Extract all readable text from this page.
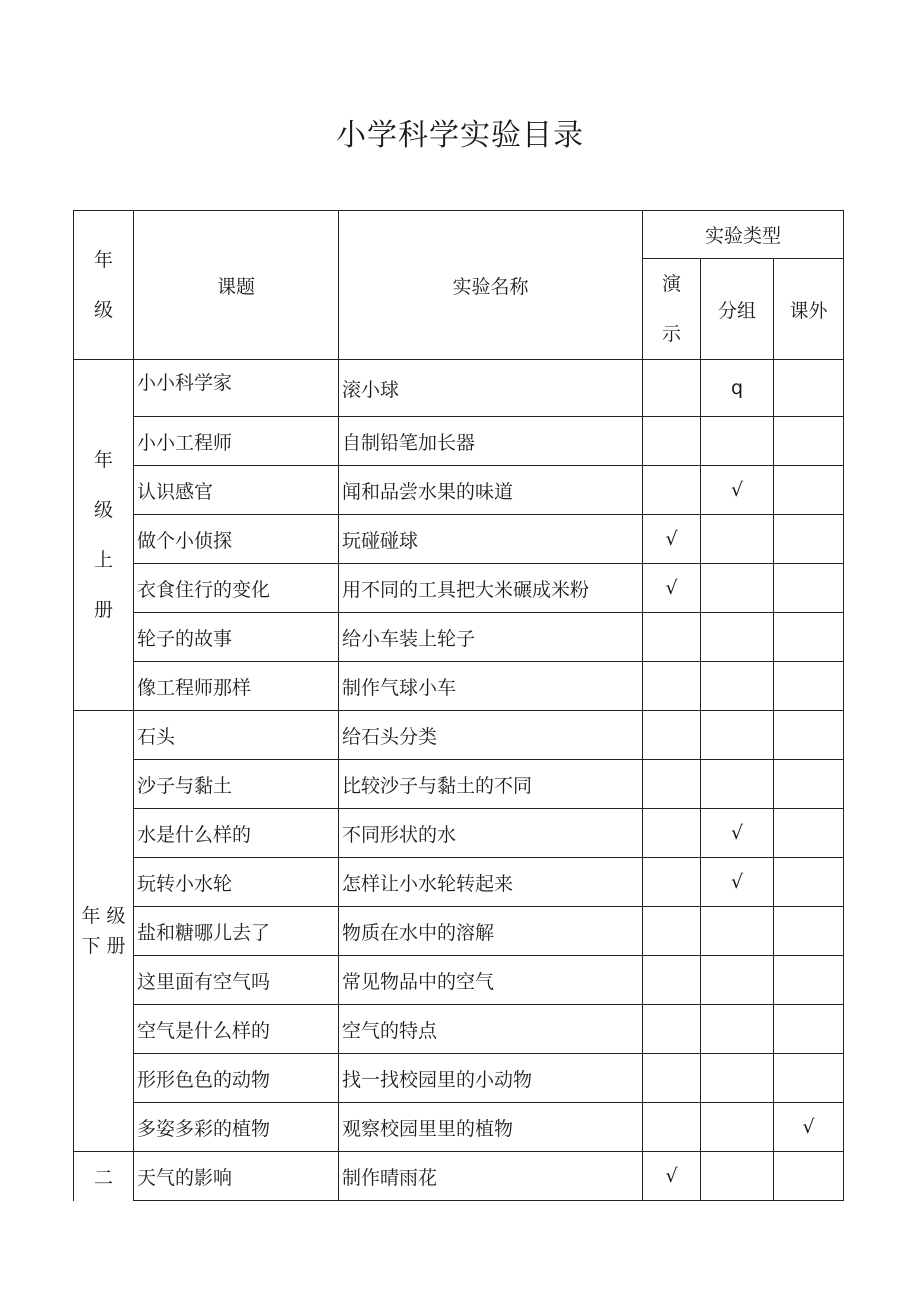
小学科学实验目录
年
级	课题	实验名称	实验类型		
			演
示	分组	课外
年
级
上
册	小小科学家	滚小球		q	
	小小工程师	自制铅笔加长器			
	认识感官	闻和品尝水果的味道		√	
	做个小侦探	玩碰碰球	√		
	衣食住行的变化	用不同的工具把大米碾成米粉	√		
	轮子的故事	给小车装上轮子			
	像工程师那样	制作气球小车			
年 级
下 册	石头	给石头分类			
	沙子与黏土	比较沙子与黏土的不同			
	水是什么样的	不同形状的水		√	
	玩转小水轮	怎样让小水轮转起来		√	
	盐和糖哪儿去了	物质在水中的溶解			
	这里面有空气吗	常见物品中的空气			
	空气是什么样的	空气的特点			
	形形色色的动物	找一找校园里的小动物			
	多姿多彩的植物	观察校园里里的植物			√
二	天气的影响	制作晴雨花	√		
